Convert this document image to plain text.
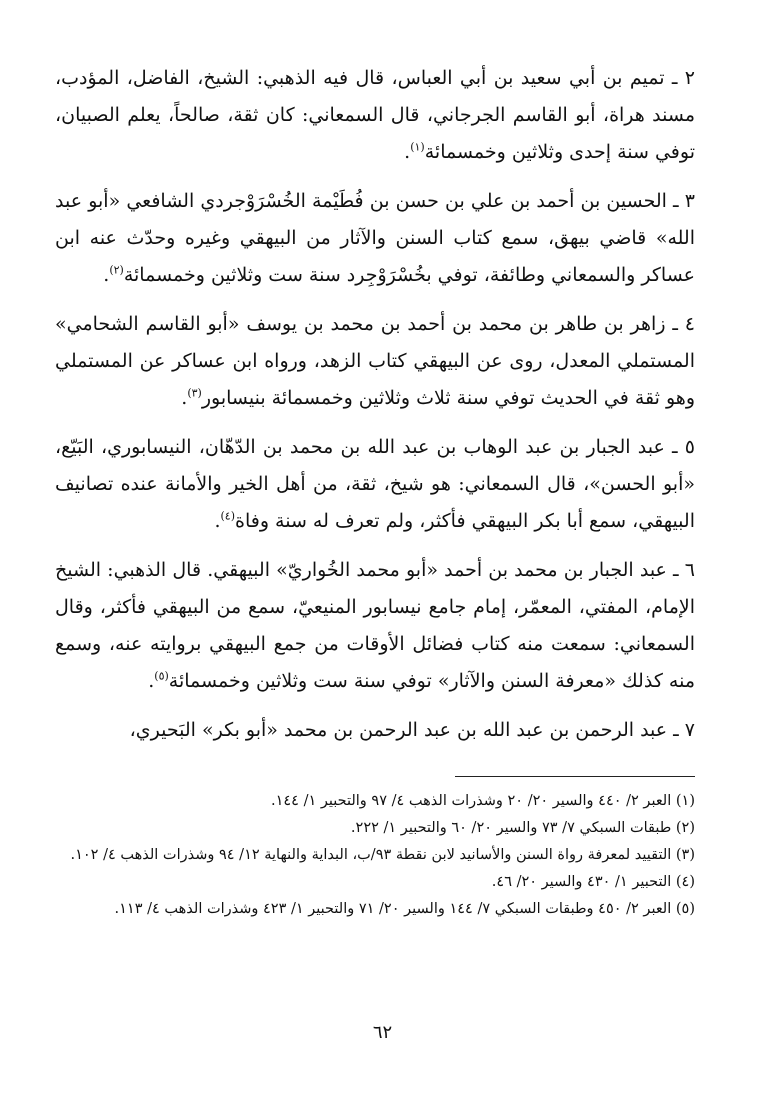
٢ ـ تميم بن أبي سعيد بن أبي العباس، قال فيه الذهبي: الشيخ، الفاضل، المؤدب، مسند هراة، أبو القاسم الجرجاني، قال السمعاني: كان ثقة، صالحاً، يعلم الصبيان، توفي سنة إحدى وثلاثين وخمسمائة$^{(١)}$.

٣ ـ الحسين بن أحمد بن علي بن حسن بن فُطَيْمة الخُسْرَوْجردي الشافعي «أبو عبد الله» قاضي بيهق، سمع كتاب السنن والآثار من البيهقي وغيره وحدّث عنه ابن عساكر والسمعاني وطائفة، توفي بخُسْرَوْجِرد سنة ست وثلاثين وخمسمائة$^{(٢)}$.

٤ ـ زاهر بن طاهر بن محمد بن أحمد بن محمد بن يوسف «أبو القاسم الشحامي» المستملي المعدل، روى عن البيهقي كتاب الزهد، ورواه ابن عساكر عن المستملي وهو ثقة في الحديث توفي سنة ثلاث وثلاثين وخمسمائة بنيسابور$^{(٣)}$.

٥ ـ عبد الجبار بن عبد الوهاب بن عبد الله بن محمد بن الدّهّان، النيسابوري، البَيّع، «أبو الحسن»، قال السمعاني: هو شيخ، ثقة، من أهل الخير والأمانة عنده تصانيف البيهقي، سمع أبا بكر البيهقي فأكثر، ولم تعرف له سنة وفاة$^{(٤)}$.

٦ ـ عبد الجبار بن محمد بن أحمد «أبو محمد الخُواريّ» البيهقي. قال الذهبي: الشيخ الإمام، المفتي، المعمّر، إمام جامع نيسابور المنيعيّ، سمع من البيهقي فأكثر، وقال السمعاني: سمعت منه كتاب فضائل الأوقات من جمع البيهقي بروايته عنه، وسمع منه كذلك «معرفة السنن والآثار» توفي سنة ست وثلاثين وخمسمائة$^{(٥)}$.

٧ ـ عبد الرحمن بن عبد الله بن عبد الرحمن بن محمد «أبو بكر» البَحيري،

(١) العبر ٢/ ٤٤٠ والسير ٢٠/ ٢٠ وشذرات الذهب ٤/ ٩٧ والتحبير ١/ ١٤٤.
(٢) طبقات السبكي ٧/ ٧٣ والسير ٢٠/ ٦٠ والتحبير ١/ ٢٢٢.
(٣) التقييد لمعرفة رواة السنن والأسانيد لابن نقطة ٩٣/ب، البداية والنهاية ١٢/ ٩٤ وشذرات الذهب ٤/ ١٠٢.
(٤) التحبير ١/ ٤٣٠ والسير ٢٠/ ٤٦.
(٥) العبر ٢/ ٤٥٠ وطبقات السبكي ٧/ ١٤٤ والسير ٢٠/ ٧١ والتحبير ١/ ٤٢٣ وشذرات الذهب ٤/ ١١٣.
٦٢
